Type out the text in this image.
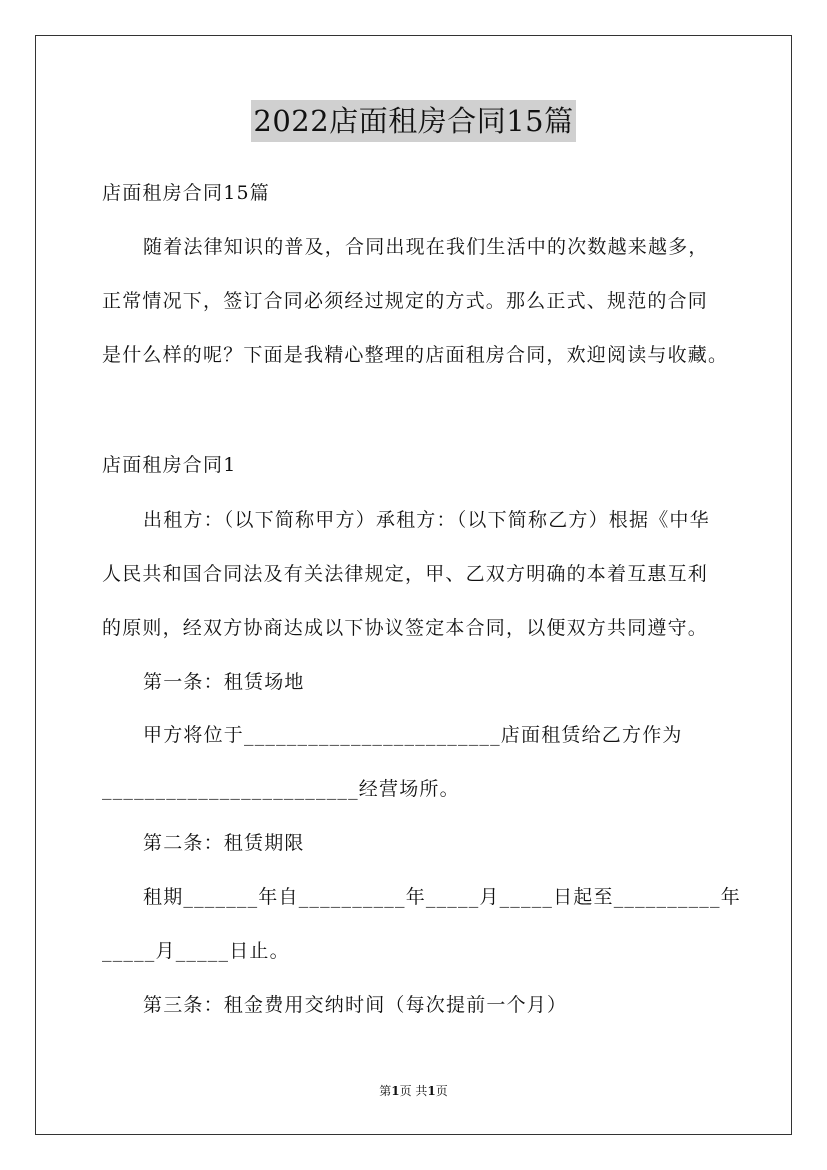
2022店面租房合同15篇
店面租房合同15篇
随着法律知识的普及，合同出现在我们生活中的次数越来越多，
正常情况下，签订合同必须经过规定的方式。那么正式、规范的合同
是什么样的呢？下面是我精心整理的店面租房合同，欢迎阅读与收藏。
店面租房合同1
出租方：（以下简称甲方）承租方：（以下简称乙方）根据《中华
人民共和国合同法及有关法律规定，甲、乙双方明确的本着互惠互利
的原则，经双方协商达成以下协议签定本合同，以便双方共同遵守。
第一条：租赁场地
甲方将位于________________________店面租赁给乙方作为
________________________经营场所。
第二条：租赁期限
租期_______年自__________年_____月_____日起至__________年
_____月_____日止。
第三条：租金费用交纳时间（每次提前一个月）
第1页 共1页
